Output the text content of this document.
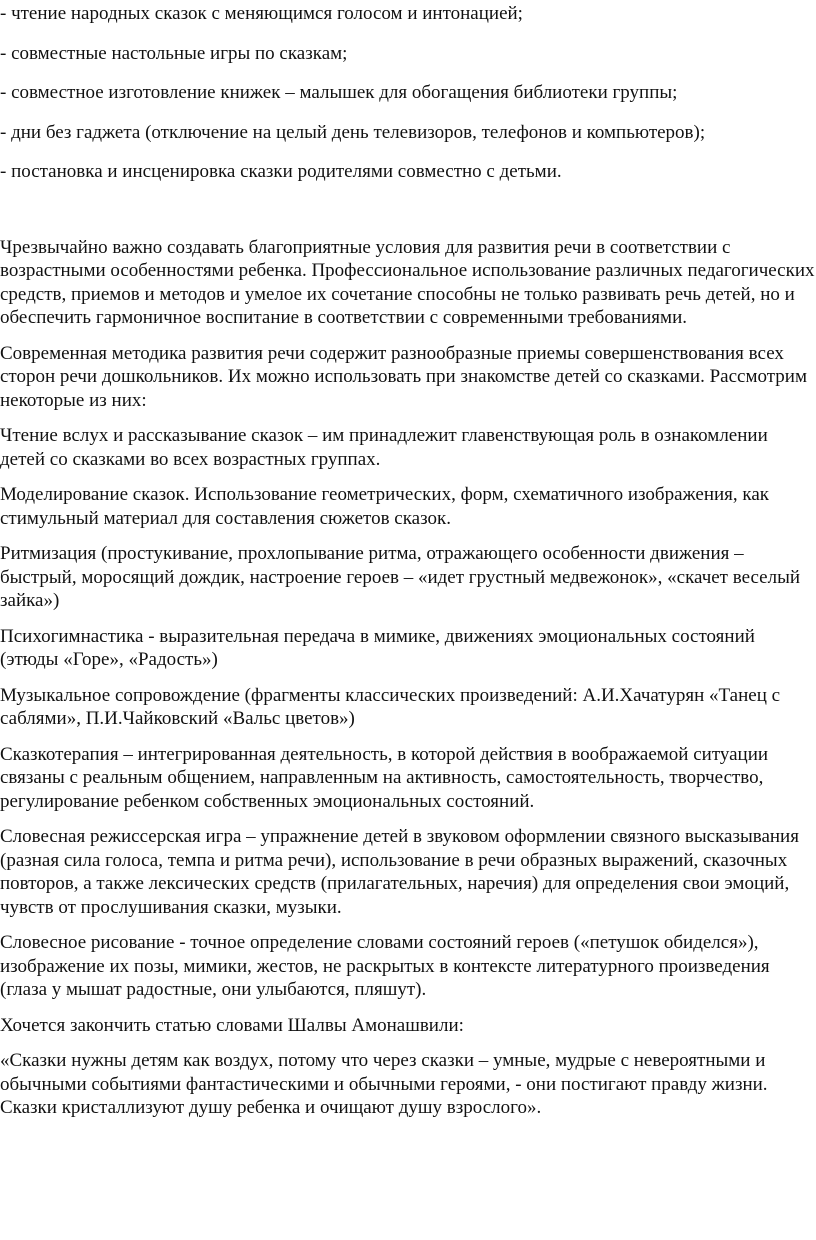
- чтение народных сказок с меняющимся голосом и интонацией;

- совместные настольные игры по сказкам;

- совместное изготовление книжек – малышек для обогащения библиотеки группы;

- дни без гаджета (отключение на целый день телевизоров, телефонов и компьютеров);

- постановка и инсценировка сказки родителями совместно с детьми.

Чрезвычайно важно создавать благоприятные условия для развития речи в соответствии с возрастными особенностями ребенка. Профессиональное использование различных педагогических средств, приемов и методов и умелое их сочетание способны не только развивать речь детей, но и обеспечить гармоничное воспитание в соответствии с современными требованиями.

Современная методика развития речи содержит разнообразные приемы совершенствования всех сторон речи дошкольников. Их можно использовать при знакомстве детей со сказками. Рассмотрим некоторые из них:

Чтение вслух и рассказывание сказок – им принадлежит главенствующая роль в ознакомлении детей со сказками во всех возрастных группах.

Моделирование сказок. Использование геометрических, форм, схематичного изображения, как стимульный материал для составления сюжетов сказок.

Ритмизация (простукивание, прохлопывание ритма, отражающего особенности движения – быстрый, моросящий дождик, настроение героев – «идет грустный медвежонок», «скачет веселый зайка»)

Психогимнастика - выразительная передача в мимике, движениях эмоциональных состояний (этюды «Горе», «Радость»)

Музыкальное сопровождение (фрагменты классических произведений: А.И.Хачатурян «Танец с саблями», П.И.Чайковский «Вальс цветов»)

Сказкотерапия – интегрированная деятельность, в которой действия в воображаемой ситуации связаны с реальным общением, направленным на активность, самостоятельность, творчество, регулирование ребенком собственных эмоциональных состояний.

Словесная режиссерская игра – упражнение детей в звуковом оформлении связного высказывания (разная сила голоса, темпа и ритма речи), использование в речи образных выражений, сказочных повторов, а также лексических средств (прилагательных, наречия) для определения свои эмоций, чувств от прослушивания сказки, музыки.

Словесное рисование - точное определение словами состояний героев («петушок обиделся»), изображение их позы, мимики, жестов, не раскрытых в контексте литературного произведения (глаза у мышат радостные, они улыбаются, пляшут).

Хочется закончить статью словами Шалвы Амонашвили:

«Сказки нужны детям как воздух, потому что через сказки – умные, мудрые с невероятными и обычными событиями фантастическими и обычными героями, - они постигают правду жизни. Сказки кристаллизуют душу ребенка и очищают душу взрослого».
